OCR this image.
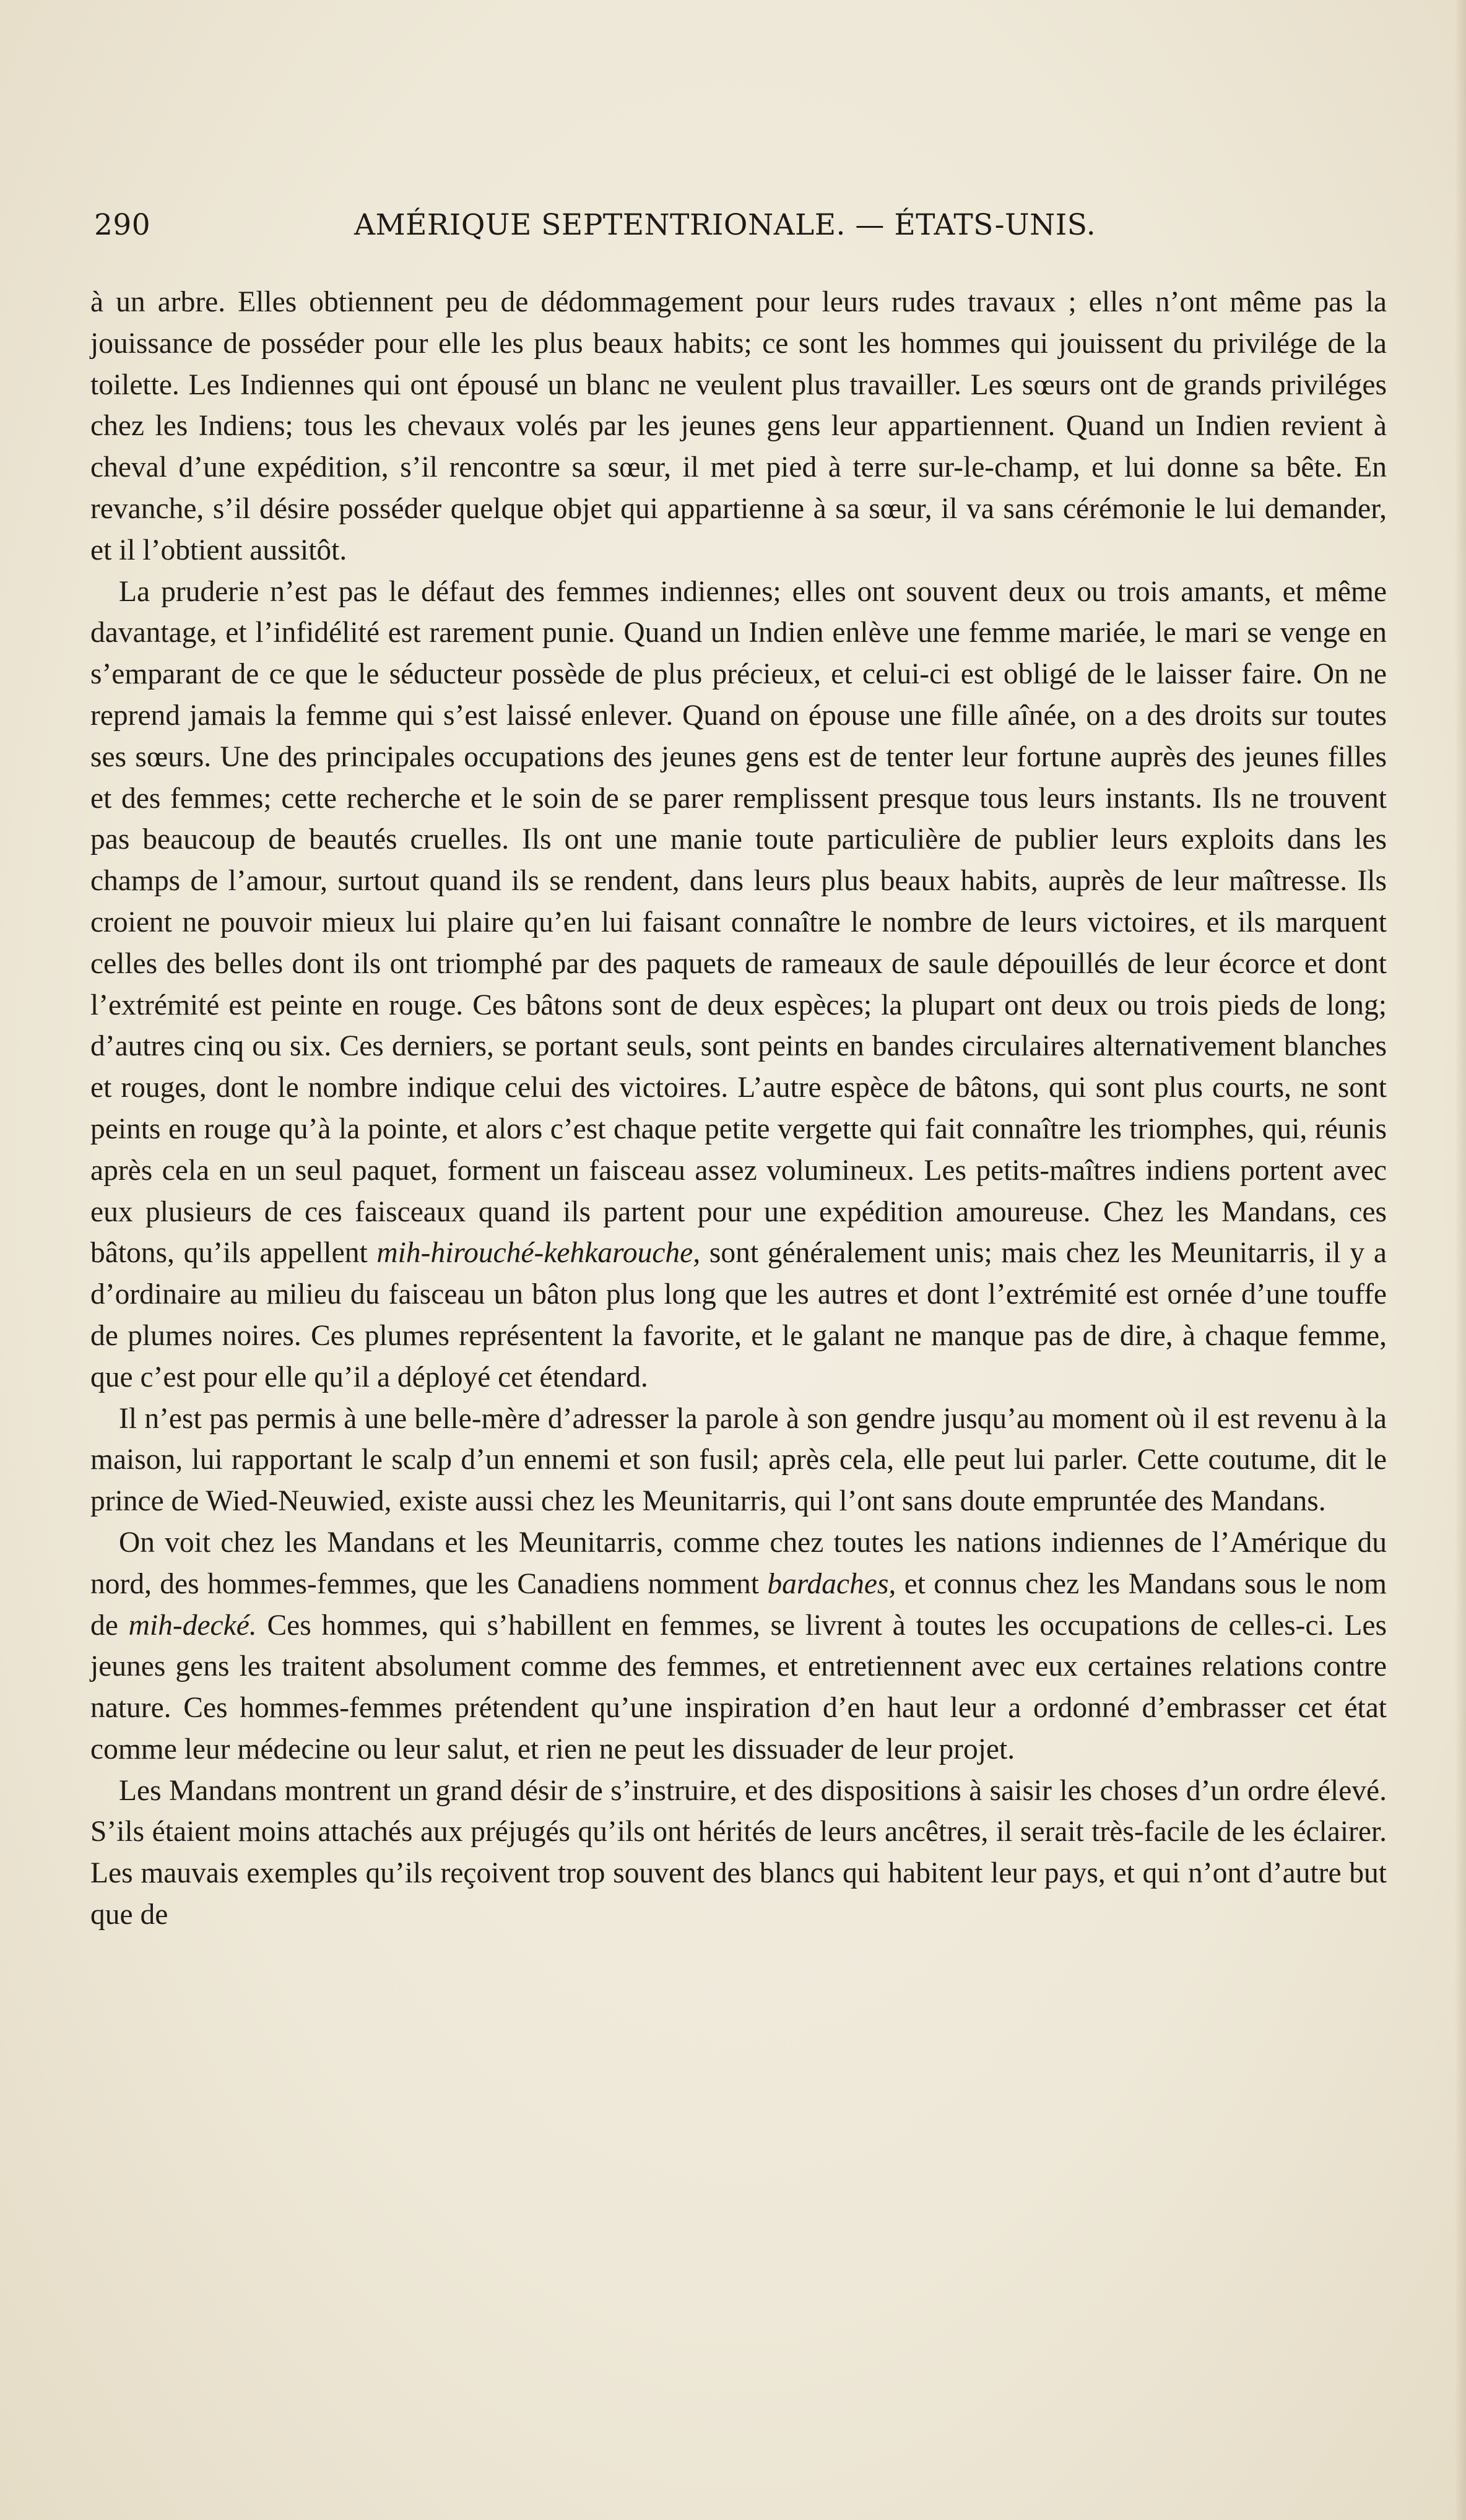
290	AMÉRIQUE SEPTENTRIONALE. — ÉTATS-UNIS.

à un arbre. Elles obtiennent peu de dédommagement pour leurs rudes travaux ; elles n’ont même pas la jouissance de posséder pour elle les plus beaux habits; ce sont les hommes qui jouissent du privilége de la toilette. Les Indiennes qui ont épousé un blanc ne veulent plus travailler. Les sœurs ont de grands priviléges chez les Indiens; tous les chevaux volés par les jeunes gens leur appartiennent. Quand un Indien revient à cheval d’une expédition, s’il rencontre sa sœur, il met pied à terre sur-le-champ, et lui donne sa bête. En revanche, s’il désire posséder quelque objet qui appartienne à sa sœur, il va sans cérémonie le lui demander, et il l’obtient aussitôt.

La pruderie n’est pas le défaut des femmes indiennes; elles ont souvent deux ou trois amants, et même davantage, et l’infidélité est rarement punie. Quand un Indien enlève une femme mariée, le mari se venge en s’emparant de ce que le séducteur possède de plus précieux, et celui-ci est obligé de le laisser faire. On ne reprend jamais la femme qui s’est laissé enlever. Quand on épouse une fille aînée, on a des droits sur toutes ses sœurs. Une des principales occupations des jeunes gens est de tenter leur fortune auprès des jeunes filles et des femmes; cette recherche et le soin de se parer remplissent presque tous leurs instants. Ils ne trouvent pas beaucoup de beautés cruelles. Ils ont une manie toute particulière de publier leurs exploits dans les champs de l’amour, surtout quand ils se rendent, dans leurs plus beaux habits, auprès de leur maîtresse. Ils croient ne pouvoir mieux lui plaire qu’en lui faisant connaître le nombre de leurs victoires, et ils marquent celles des belles dont ils ont triomphé par des paquets de rameaux de saule dépouillés de leur écorce et dont l’extrémité est peinte en rouge. Ces bâtons sont de deux espèces; la plupart ont deux ou trois pieds de long; d’autres cinq ou six. Ces derniers, se portant seuls, sont peints en bandes circulaires alternativement blanches et rouges, dont le nombre indique celui des victoires. L’autre espèce de bâtons, qui sont plus courts, ne sont peints en rouge qu’à la pointe, et alors c’est chaque petite vergette qui fait connaître les triomphes, qui, réunis après cela en un seul paquet, forment un faisceau assez volumineux. Les petits-maîtres indiens portent avec eux plusieurs de ces faisceaux quand ils partent pour une expédition amoureuse. Chez les Mandans, ces bâtons, qu’ils appellent mih-hirouché-kehkarouche, sont généralement unis; mais chez les Meunitarris, il y a d’ordinaire au milieu du faisceau un bâton plus long que les autres et dont l’extrémité est ornée d’une touffe de plumes noires. Ces plumes représentent la favorite, et le galant ne manque pas de dire, à chaque femme, que c’est pour elle qu’il a déployé cet étendard.

Il n’est pas permis à une belle-mère d’adresser la parole à son gendre jusqu’au moment où il est revenu à la maison, lui rapportant le scalp d’un ennemi et son fusil; après cela, elle peut lui parler. Cette coutume, dit le prince de Wied-Neuwied, existe aussi chez les Meunitarris, qui l’ont sans doute empruntée des Mandans.

On voit chez les Mandans et les Meunitarris, comme chez toutes les nations indiennes de l’Amérique du nord, des hommes-femmes, que les Canadiens nomment bardaches, et connus chez les Mandans sous le nom de mih-decké. Ces hommes, qui s’habillent en femmes, se livrent à toutes les occupations de celles-ci. Les jeunes gens les traitent absolument comme des femmes, et entretiennent avec eux certaines relations contre nature. Ces hommes-femmes prétendent qu’une inspiration d’en haut leur a ordonné d’embrasser cet état comme leur médecine ou leur salut, et rien ne peut les dissuader de leur projet.

Les Mandans montrent un grand désir de s’instruire, et des dispositions à saisir les choses d’un ordre élevé. S’ils étaient moins attachés aux préjugés qu’ils ont hérités de leurs ancêtres, il serait très-facile de les éclairer. Les mauvais exemples qu’ils reçoivent trop souvent des blancs qui habitent leur pays, et qui n’ont d’autre but que de
